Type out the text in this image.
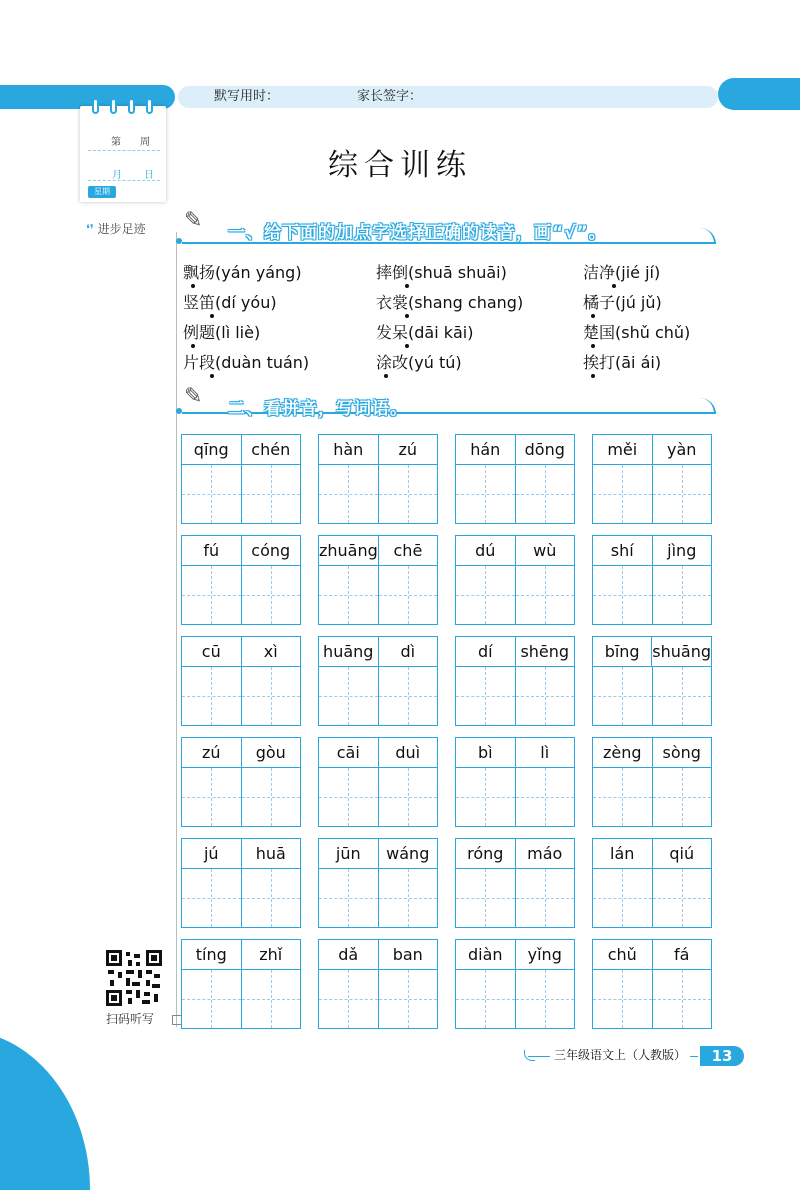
默写用时：	家长签字：
第 周
月 日
星期
❛❜ 进步足迹
综合训练
✎ 一、给下面的加点字选择正确的读音，画“√”。
飘扬(yán yáng)	摔倒(shuā shuāi)	洁净(jié jí)
竖笛(dí yóu)	衣裳(shang chang)	橘子(jú jǔ)
例题(lì liè)	发呆(dāi kāi)	楚国(shǔ chǔ)
片段(duàn tuán)	涂改(yú tú)	挨打(āi ái)
✎ 二、看拼音，写词语。
qīng	chén	hàn	zú	hán	dōng	měi	yàn
fú	cóng	zhuāng chē	dú	wù	shí	jìng
cū	xì	huāng	dì	dí	shēng	bīng shuāng
zú	gòu	cāi	duì	bì	lì	zèng	sòng
jú	huā	jūn	wáng	róng	máo	lán	qiú
tíng	zhǐ	dǎ	ban	diàn	yǐng	chǔ	fá
扫码听写
三年级语文上（人教版）	13
